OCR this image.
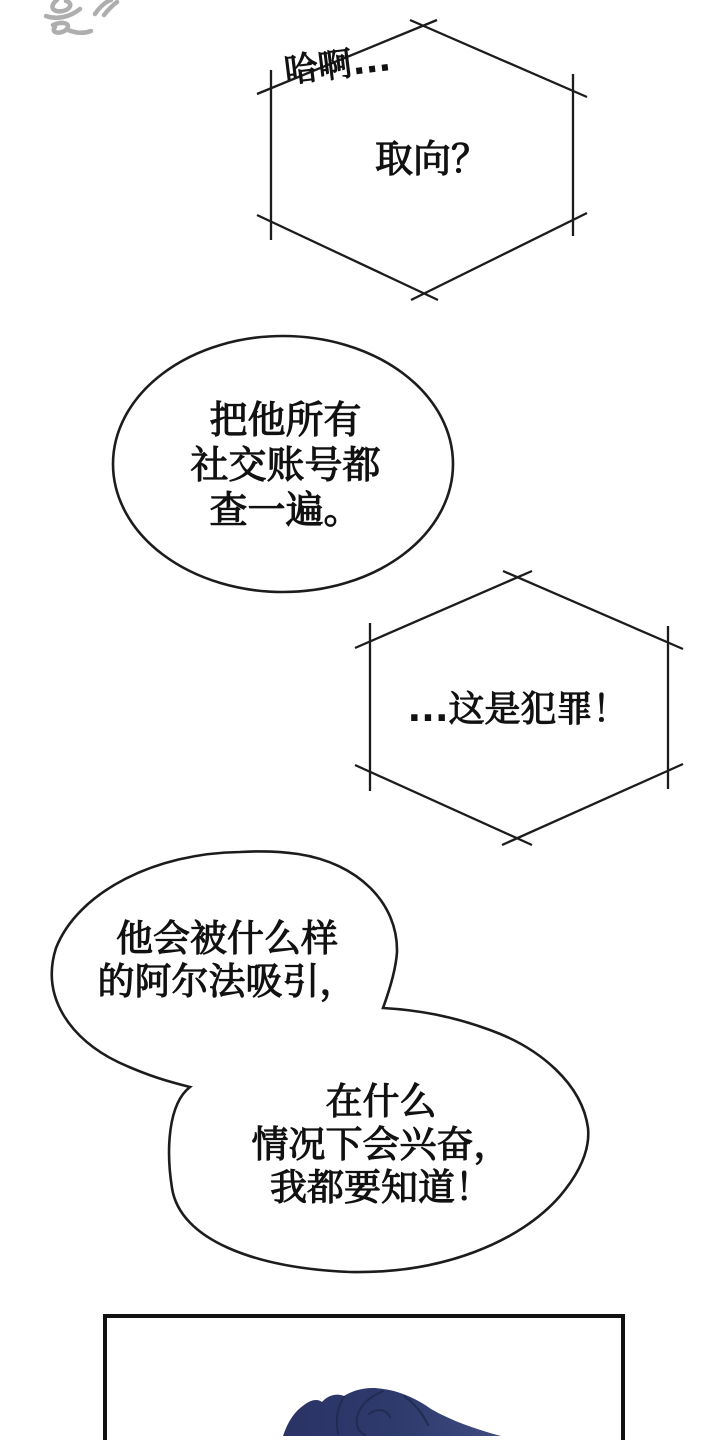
哈啊...
取向？
把他所有
社交账号都
查一遍。
...这是犯罪！
他会被什么样
的阿尔法吸引，
在什么
情况下会兴奋，
我都要知道！
